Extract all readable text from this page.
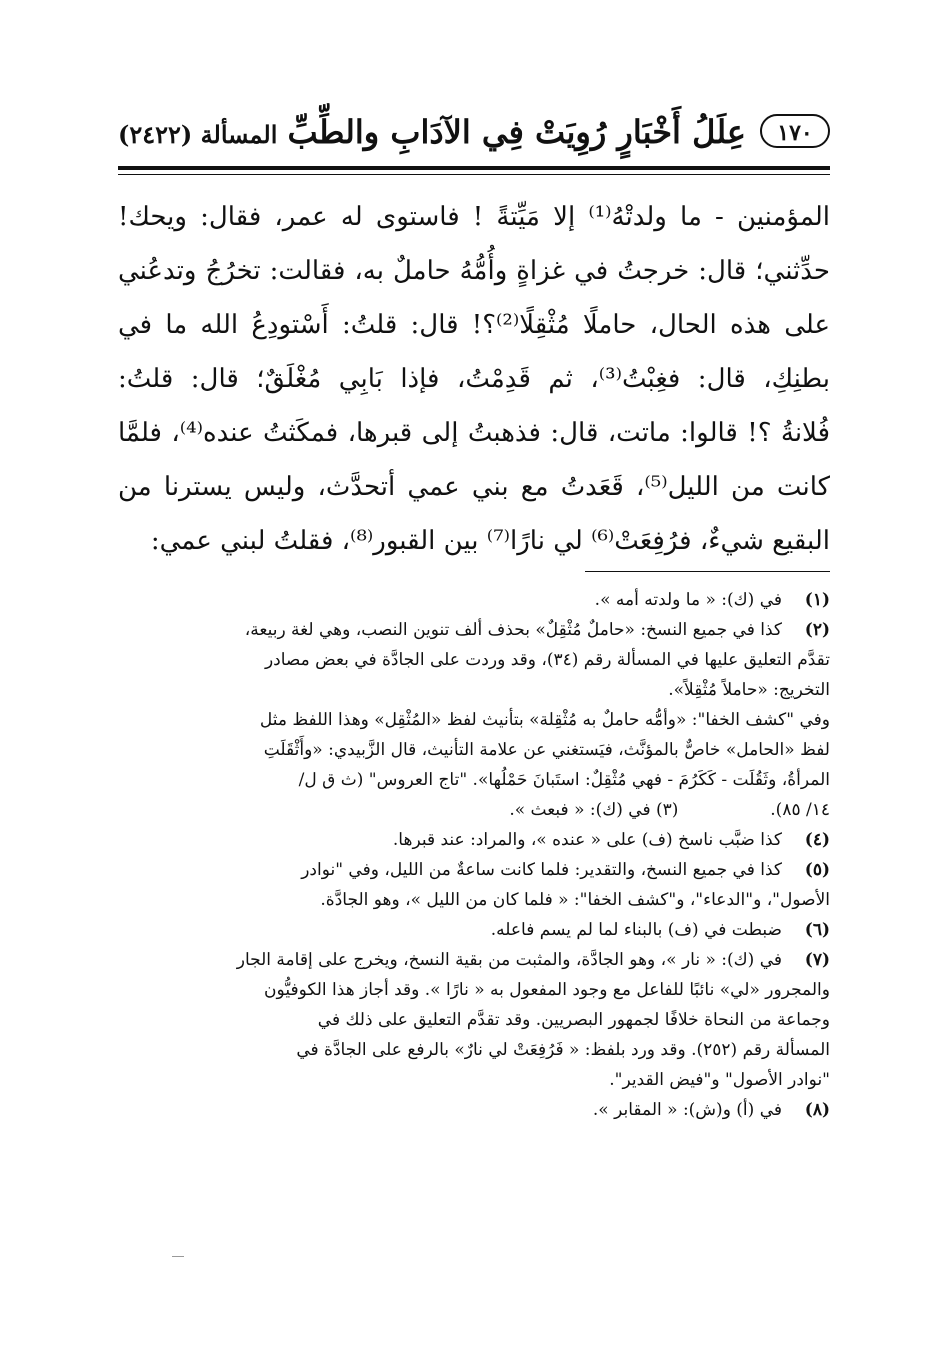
١٧٠
عِلَلُ أَخْبَارٍ رُوِيَتْ فِي الآدَابِ والطِّبِّ
المسألة (٢٤٢٢)
المؤمنين - ما ولدتْهُ⁽¹⁾ إلا مَيِّتةً ! فاستوى له عمر، فقال: ويحك!
حدِّثني؛ قال: خرجتُ في غزاةٍ وأُمُّهُ حاملٌ به، فقالت: تخرُجُ وتدعُني
على هذه الحال، حاملًا مُثْقِلًا⁽²⁾؟! قال: قلتُ: أَسْتودِعُ الله ما في
بطنِكِ، قال: فغِبْتُ⁽³⁾، ثم قَدِمْتُ، فإذا بَابِي مُغْلَقٌ؛ قال: قلتُ:
فُلانةُ ؟! قالوا: ماتت، قال: فذهبتُ إلى قبرها، فمكَثتُ عنده⁽⁴⁾، فلمَّا
كانت من الليل⁽⁵⁾، قَعَدتُ مع بني عمي أتحدَّث، وليس يسترنا من
البقيع شيءٌ، فرُفِعَتْ⁽⁶⁾ لي نارًا⁽⁷⁾ بين القبور⁽⁸⁾، فقلتُ لبني عمي:
(١)
في (ك): « ما ولدته أمه ».
(٢)
كذا في جميع النسخ: «حاملٌ مُثْقِلٌ» بحذف ألف تنوين النصب، وهي لغة ربيعة،
تقدَّم التعليق عليها في المسألة رقم (٣٤)، وقد وردت على الجادَّة في بعض مصادر
التخريج: «حاملاً مُثْقِلاً».
وفي "كشف الخفا": «وأمُّه حاملٌ به مُثْقِلة» بتأنيث لفظ «المُثْقِل» وهذا اللفظ مثل
لفظ «الحامل» خاصٌّ بالمؤنَّث، فيَستغني عن علامة التأنيث، قال الزَّبيدي: «وأَثْقَلَتِ
المرأةُ، وثَقُلَت - كَكَرُمَ - فهي مُثْقِلٌ: استَبانَ حَمْلُها». "تاج العروس" (ث ق ل/
١٤/ ٨٥).                 (٣) في (ك): « فبعث ».
(٤)
كذا ضبَّب ناسخ (ف) على « عنده »، والمراد: عند قبرها.
(٥)
كذا في جميع النسخ، والتقدير: فلما كانت ساعةٌ من الليل، وفي "نوادر
الأصول"، و"الدعاء"، و"كشف الخفا": « فلما كان من الليل »، وهو الجادَّة.
(٦)
ضبطت في (ف) بالبناء لما لم يسم فاعله.
(٧)
في (ك): « نار »، وهو الجادَّة، والمثبت من بقية النسخ، ويخرج على إقامة الجار
والمجرور «لي» نائبًا للفاعل مع وجود المفعول به « نارًا ». وقد أجاز هذا الكوفيُّون
وجماعة من النحاة خلافًا لجمهور البصريين. وقد تقدَّم التعليق على ذلك في
المسألة رقم (٢٥٢). وقد ورد بلفظ: « فَرُفِعَتْ لي نارٌ» بالرفع على الجادَّة في
"نوادر الأصول" و"فيض القدير".
(٨)
في (أ) و(ش): « المقابر ».
